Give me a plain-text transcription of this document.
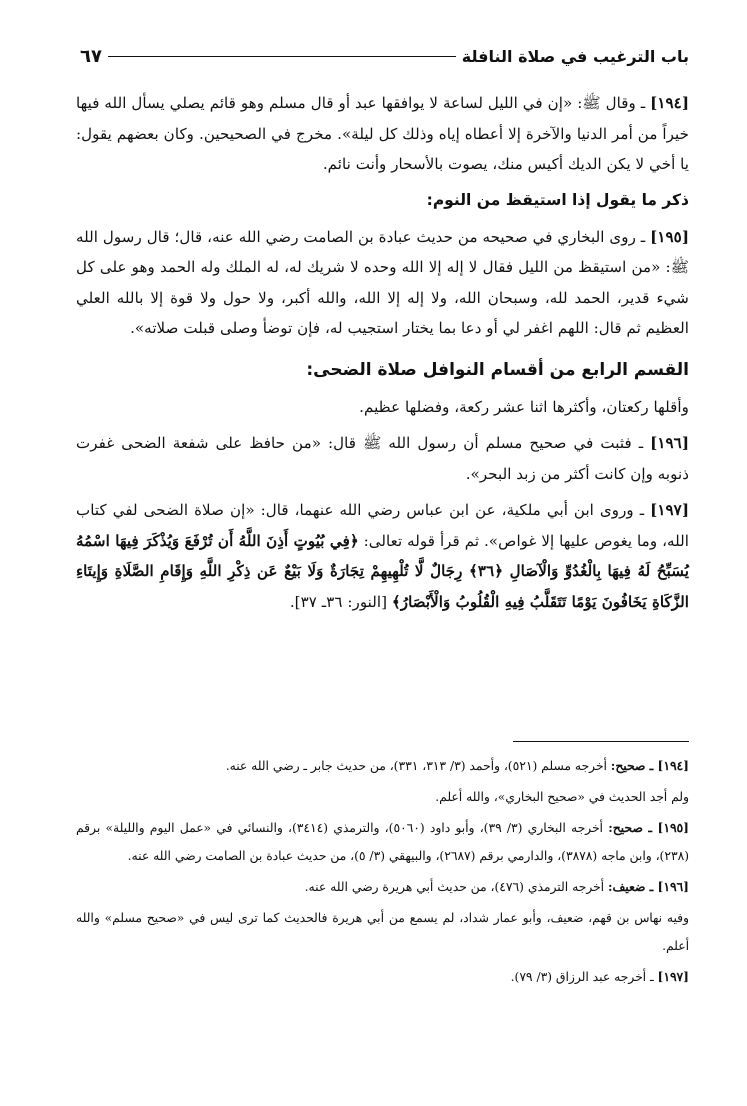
باب الترغيب في صلاة النافلة
٦٧

[١٩٤] ـ وقال ﷺ: «إن في الليل لساعة لا يوافقها عبد أو قال مسلم وهو قائم يصلي يسأل الله فيها خيراً من أمر الدنيا والآخرة إلا أعطاه إياه وذلك كل ليلة». مخرج في الصحيحين. وكان بعضهم يقول: يا أخي لا يكن الديك أكيس منك، يصوت بالأسحار وأنت نائم.

ذكر ما يقول إذا استيقظ من النوم:

[١٩٥] ـ روى البخاري في صحيحه من حديث عبادة بن الصامت رضي الله عنه، قال؛ قال رسول الله ﷺ: «من استيقظ من الليل فقال لا إله إلا الله وحده لا شريك له، له الملك وله الحمد وهو على كل شيء قدير، الحمد لله، وسبحان الله، ولا إله إلا الله، والله أكبر، ولا حول ولا قوة إلا بالله العلي العظيم ثم قال: اللهم اغفر لي أو دعا بما يختار استجيب له، فإن توضأ وصلى قبلت صلاته».

القسم الرابع من أقسام النوافل صلاة الضحى:

وأقلها ركعتان، وأكثرها اثنا عشر ركعة، وفضلها عظيم.

[١٩٦] ـ فثبت في صحيح مسلم أن رسول الله ﷺ قال: «من حافظ على شفعة الضحى غفرت ذنوبه وإن كانت أكثر من زبد البحر».

[١٩٧] ـ وروى ابن أبي ملكية، عن ابن عباس رضي الله عنهما، قال: «إن صلاة الضحى لفي كتاب الله، وما يغوص عليها إلا غواص». ثم قرأ قوله تعالى: ﴿فِي بُيُوتٍ أَذِنَ اللَّهُ أَن تُرْفَعَ وَيُذْكَرَ فِيهَا اسْمُهُ يُسَبِّحُ لَهُ فِيهَا بِالْغُدُوِّ وَالْآصَالِ ﴿٣٦﴾ رِجَالٌ لَّا تُلْهِيهِمْ تِجَارَةٌ وَلَا بَيْعٌ عَن ذِكْرِ اللَّهِ وَإِقَامِ الصَّلَاةِ وَإِيتَاءِ الزَّكَاةِ يَخَافُونَ يَوْمًا تَتَقَلَّبُ فِيهِ الْقُلُوبُ وَالْأَبْصَارُ﴾ [النور: ٣٦ـ ٣٧].

[١٩٤] ـ صحيح: أخرجه مسلم (٥٢١)، وأحمد (٣/ ٣١٣، ٣٣١)، من حديث جابر ـ رضي الله عنه.

ولم أجد الحديث في «صحيح البخاري»، والله أعلم.

[١٩٥] ـ صحيح: أخرجه البخاري (٣/ ٣٩)، وأبو داود (٥٠٦٠)، والترمذي (٣٤١٤)، والنسائي في «عمل اليوم والليلة» برقم (٢٣٨)، وابن ماجه (٣٨٧٨)، والدارمي برقم (٢٦٨٧)، والبيهقي (٣/ ٥)، من حديث عبادة بن الصامت رضي الله عنه.

[١٩٦] ـ ضعيف: أخرجه الترمذي (٤٧٦)، من حديث أبي هريرة رضي الله عنه.

وفيه نهاس بن قهم، ضعيف، وأبو عمار شداد، لم يسمع من أبي هريرة فالحديث كما ترى ليس في «صحيح مسلم» والله أعلم.

[١٩٧] ـ أخرجه عبد الرزاق (٣/ ٧٩).
